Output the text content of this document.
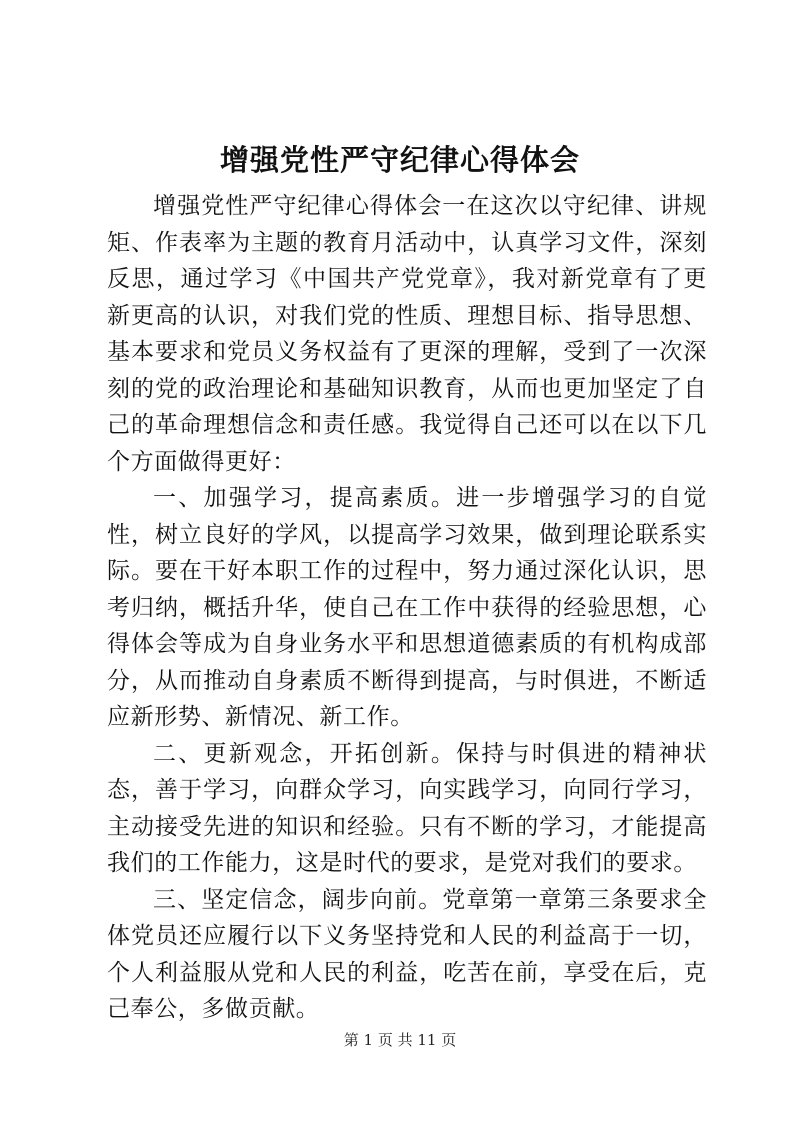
增强党性严守纪律心得体会

增强党性严守纪律心得体会一在这次以守纪律、讲规矩、作表率为主题的教育月活动中，认真学习文件，深刻反思，通过学习《中国共产党党章》，我对新党章有了更新更高的认识，对我们党的性质、理想目标、指导思想、基本要求和党员义务权益有了更深的理解，受到了一次深刻的党的政治理论和基础知识教育，从而也更加坚定了自己的革命理想信念和责任感。我觉得自己还可以在以下几个方面做得更好：

一、加强学习，提高素质。进一步增强学习的自觉性，树立良好的学风，以提高学习效果，做到理论联系实际。要在干好本职工作的过程中，努力通过深化认识，思考归纳，概括升华，使自己在工作中获得的经验思想，心得体会等成为自身业务水平和思想道德素质的有机构成部分，从而推动自身素质不断得到提高，与时俱进，不断适应新形势、新情况、新工作。

二、更新观念，开拓创新。保持与时俱进的精神状态，善于学习，向群众学习，向实践学习，向同行学习，主动接受先进的知识和经验。只有不断的学习，才能提高我们的工作能力，这是时代的要求，是党对我们的要求。

三、坚定信念，阔步向前。党章第一章第三条要求全体党员还应履行以下义务坚持党和人民的利益高于一切，个人利益服从党和人民的利益，吃苦在前，享受在后，克己奉公，多做贡献。

第 1 页 共 11 页
